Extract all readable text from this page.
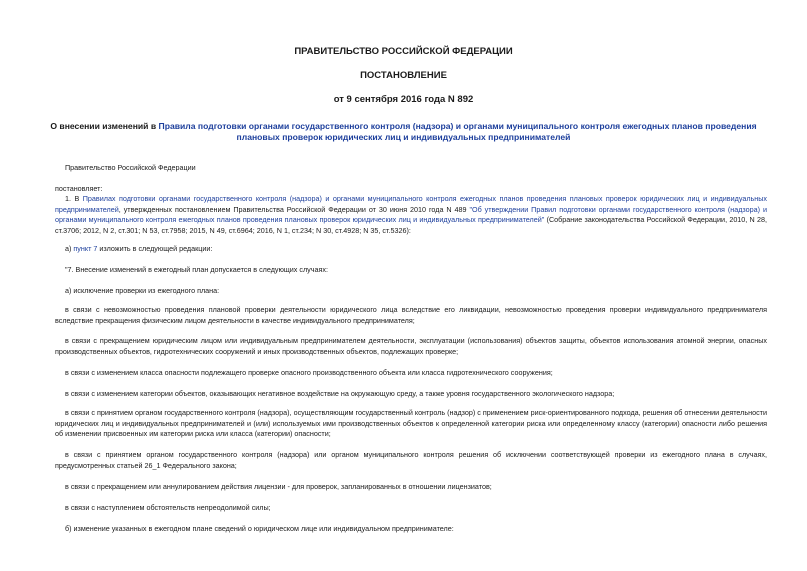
ПРАВИТЕЛЬСТВО РОССИЙСКОЙ ФЕДЕРАЦИИ
ПОСТАНОВЛЕНИЕ
от 9 сентября 2016 года N 892
О внесении изменений в Правила подготовки органами государственного контроля (надзора) и органами муниципального контроля ежегодных планов проведения плановых проверок юридических лиц и индивидуальных предпринимателей
Правительство Российской Федерации
постановляет:

1. В Правилах подготовки органами государственного контроля (надзора) и органами муниципального контроля ежегодных планов проведения плановых проверок юридических лиц и индивидуальных предпринимателей, утвержденных постановлением Правительства Российской Федерации от 30 июня 2010 года N 489 "Об утверждении Правил подготовки органами государственного контроля (надзора) и органами муниципального контроля ежегодных планов проведения плановых проверок юридических лиц и индивидуальных предпринимателей" (Собрание законодательства Российской Федерации, 2010, N 28, ст.3706; 2012, N 2, ст.301; N 53, ст.7958; 2015, N 49, ст.6964; 2016, N 1, ст.234; N 30, ст.4928; N 35, ст.5326):

а) пункт 7 изложить в следующей редакции:
"7. Внесение изменений в ежегодный план допускается в следующих случаях:
а) исключение проверки из ежегодного плана:

в связи с невозможностью проведения плановой проверки деятельности юридического лица вследствие его ликвидации, невозможностью проведения проверки индивидуального предпринимателя вследствие прекращения физическим лицом деятельности в качестве индивидуального предпринимателя;

в связи с прекращением юридическим лицом или индивидуальным предпринимателем деятельности, эксплуатации (использования) объектов защиты, объектов использования атомной энергии, опасных производственных объектов, гидротехнических сооружений и иных производственных объектов, подлежащих проверке;

в связи с изменением класса опасности подлежащего проверке опасного производственного объекта или класса гидротехнического сооружения;
в связи с изменением категории объектов, оказывающих негативное воздействие на окружающую среду, а также уровня государственного экологического надзора;

в связи с принятием органом государственного контроля (надзора), осуществляющим государственный контроль (надзор) с применением риск-ориентированного подхода, решения об отнесении деятельности юридических лиц и индивидуальных предпринимателей и (или) используемых ими производственных объектов к определенной категории риска или определенному классу (категории) опасности либо решения об изменении присвоенных им категории риска или класса (категории) опасности;

в связи с принятием органом государственного контроля (надзора) или органом муниципального контроля решения об исключении соответствующей проверки из ежегодного плана в случаях, предусмотренных статьей 26_1 Федерального закона;

в связи с прекращением или аннулированием действия лицензии - для проверок, запланированных в отношении лицензиатов;
в связи с наступлением обстоятельств непреодолимой силы;
б) изменение указанных в ежегодном плане сведений о юридическом лице или индивидуальном предпринимателе:
